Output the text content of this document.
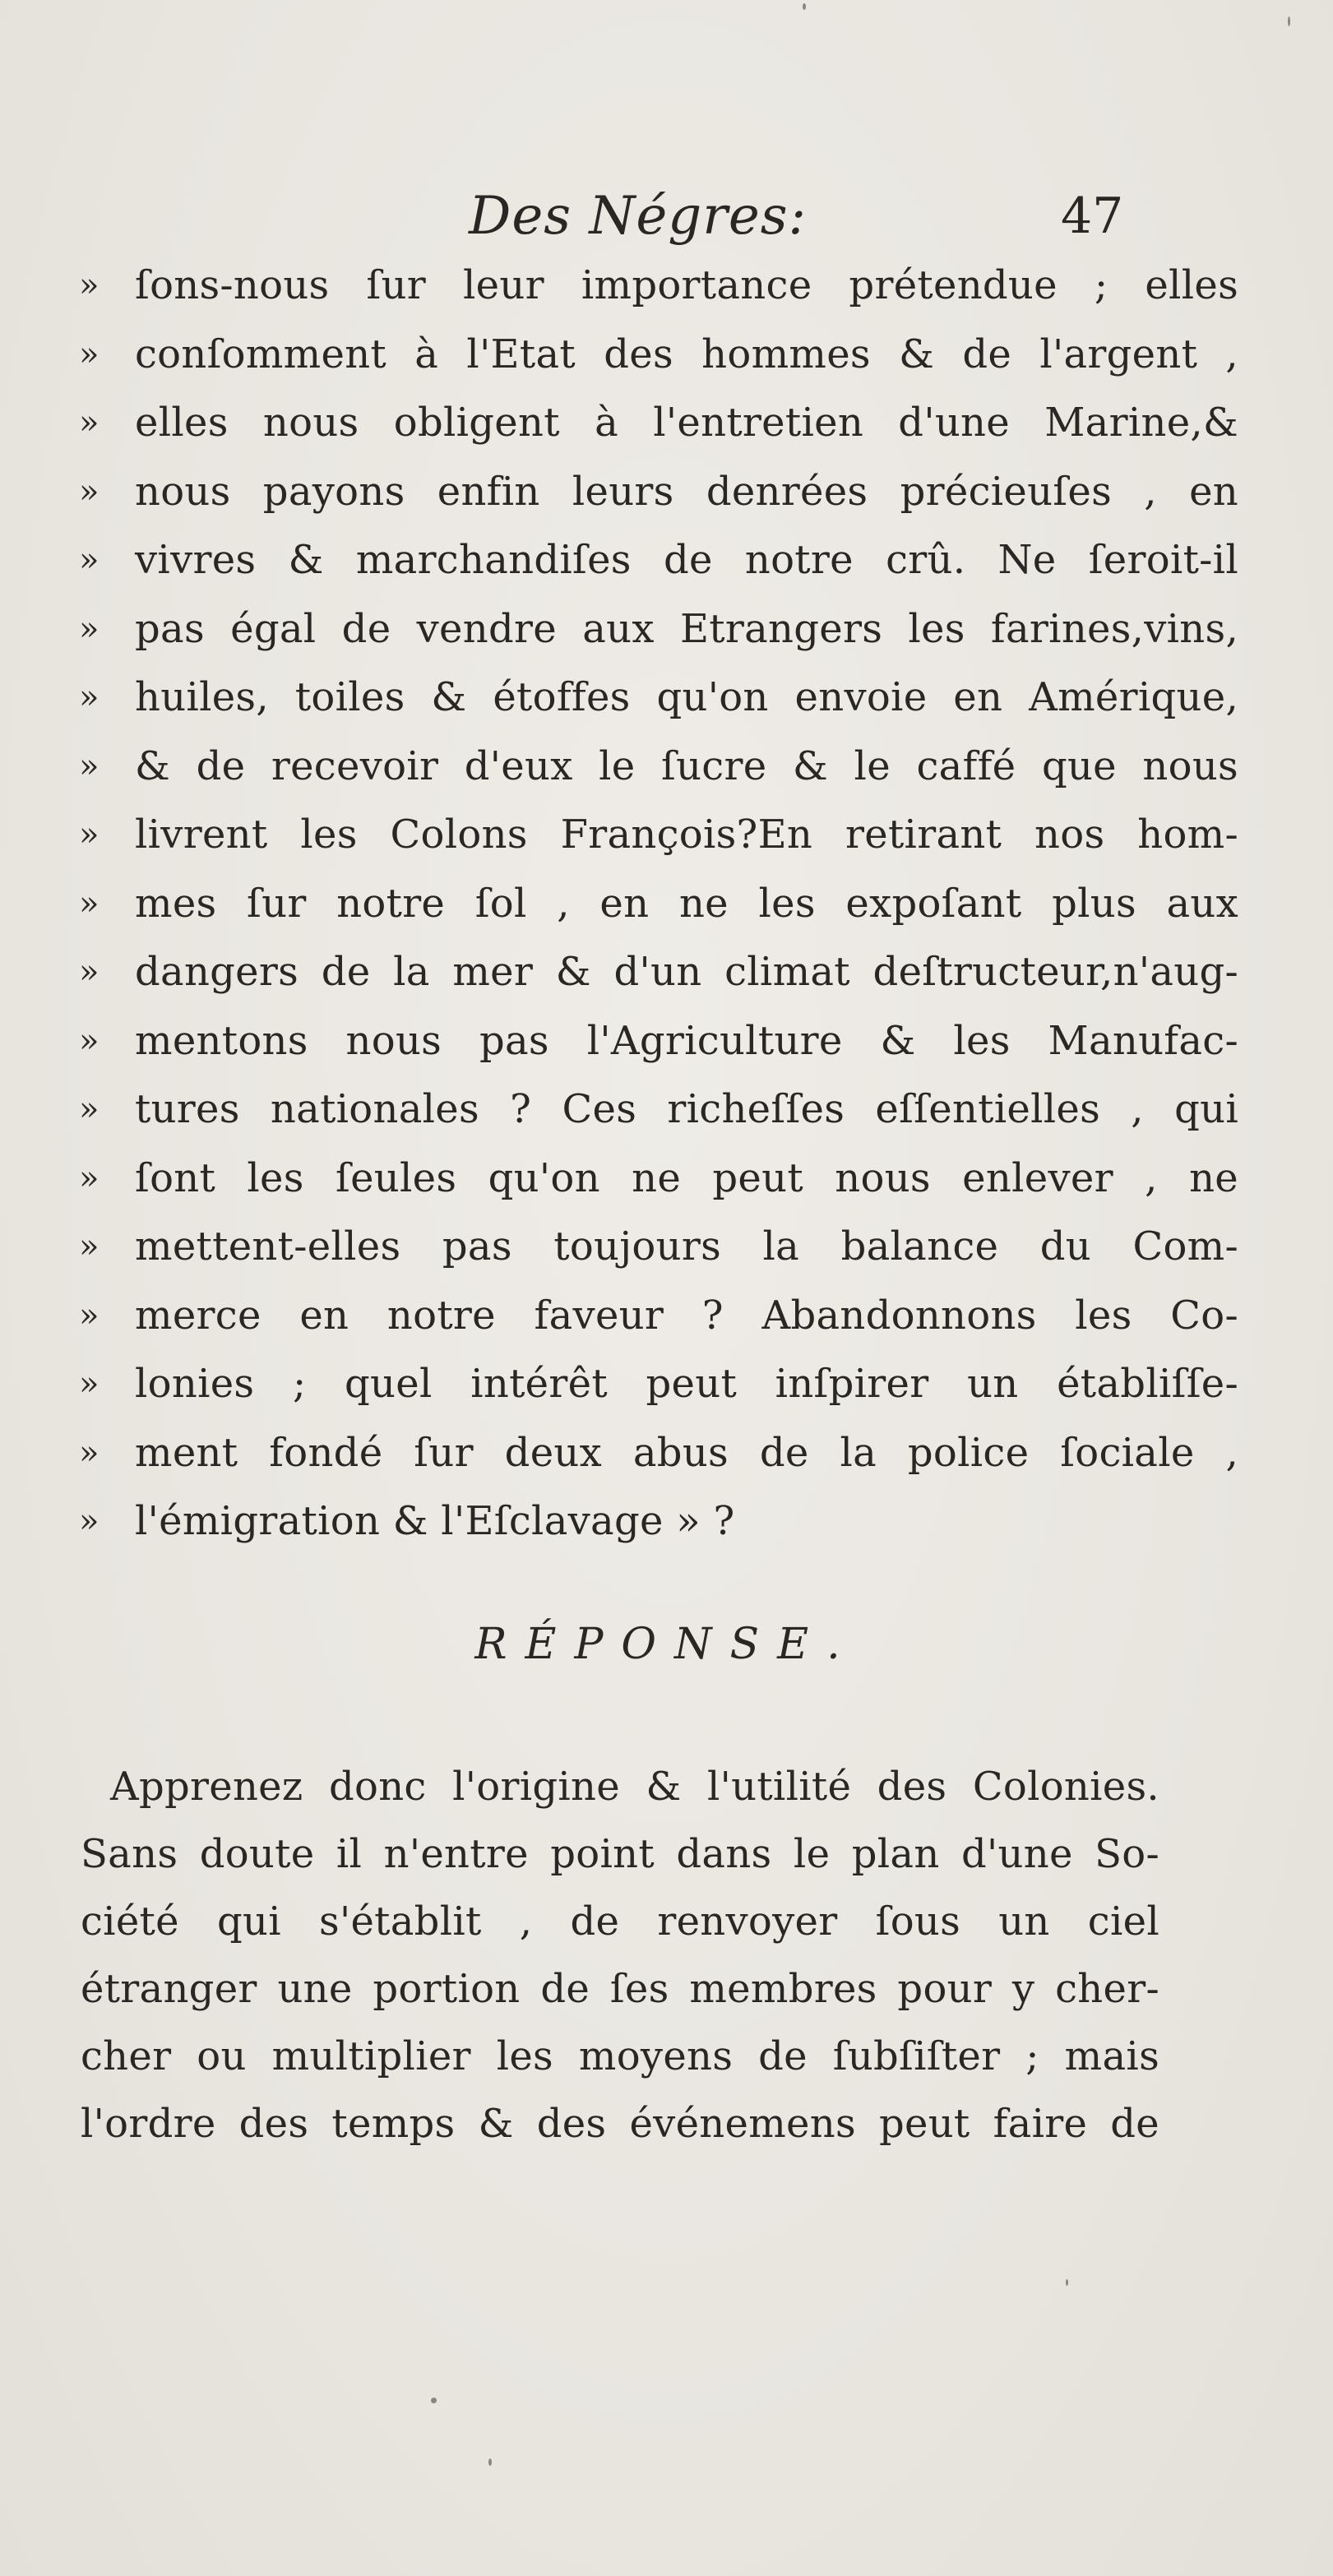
Des Négres:	47
» ſons-nous ſur leur importance prétendue ; elles
» conſomment à l'Etat des hommes & de l'argent ,
» elles nous obligent à l'entretien d'une Marine,&
» nous payons enfin leurs denrées précieuſes , en
» vivres & marchandiſes de notre crû. Ne ſeroit-il
» pas égal de vendre aux Etrangers les farines,vins,
» huiles, toiles & étoffes qu'on envoie en Amérique,
» & de recevoir d'eux le ſucre & le caffé que nous
» livrent les Colons François?En retirant nos hom-
» mes ſur notre ſol , en ne les expoſant plus aux
» dangers de la mer & d'un climat deſtructeur,n'aug-
» mentons nous pas l'Agriculture & les Manufac-
» tures nationales ? Ces richeſſes eſſentielles , qui
» ſont les ſeules qu'on ne peut nous enlever , ne
» mettent-elles pas toujours la balance du Com-
» merce en notre faveur ? Abandonnons les Co-
» lonies ; quel intérêt peut inſpirer un établiſſe-
» ment fondé ſur deux abus de la police ſociale ,
» l'émigration & l'Eſclavage » ?
RÉPONSE.
Apprenez donc l'origine & l'utilité des Colonies.
Sans doute il n'entre point dans le plan d'une So-
ciété qui s'établit , de renvoyer ſous un ciel
étranger une portion de ſes membres pour y cher-
cher ou multiplier les moyens de ſubſiſter ; mais
l'ordre des temps & des événemens peut faire de
